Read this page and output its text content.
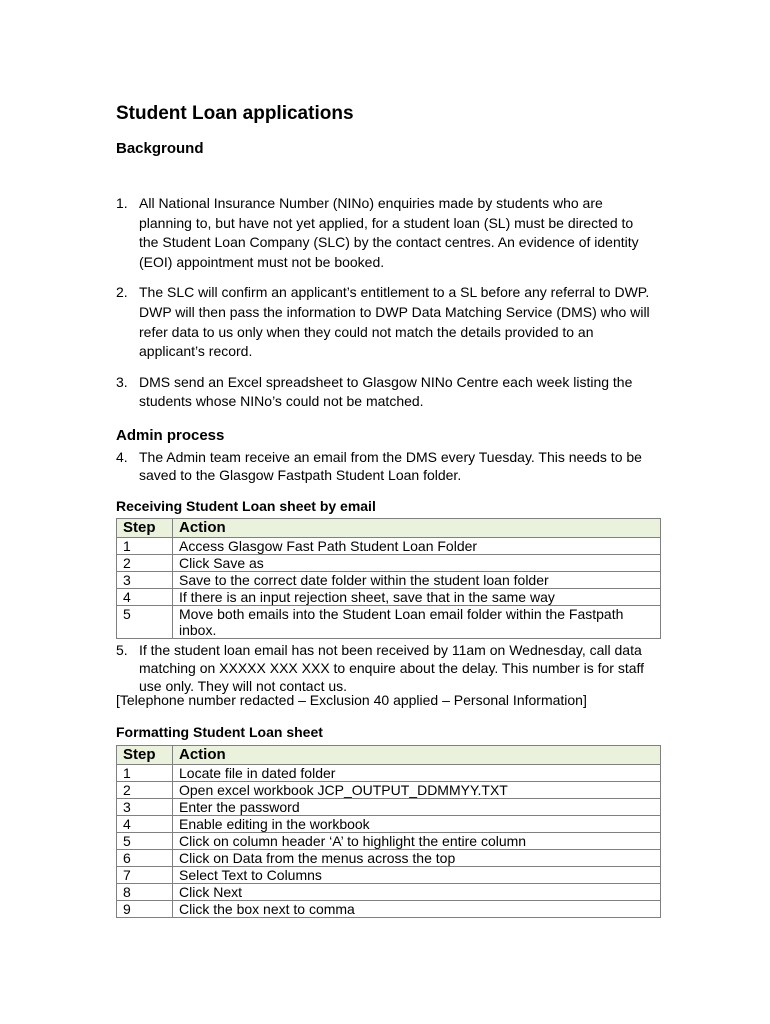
Student Loan applications
Background
1. All National Insurance Number (NINo) enquiries made by students who are planning to, but have not yet applied, for a student loan (SL) must be directed to the Student Loan Company (SLC) by the contact centres. An evidence of identity (EOI) appointment must not be booked.
2. The SLC will confirm an applicant’s entitlement to a SL before any referral to DWP. DWP will then pass the information to DWP Data Matching Service (DMS) who will refer data to us only when they could not match the details provided to an applicant’s record.
3. DMS send an Excel spreadsheet to Glasgow NINo Centre each week listing the students whose NINo’s could not be matched.
Admin process
4. The Admin team receive an email from the DMS every Tuesday. This needs to be saved to the Glasgow Fastpath Student Loan folder.
Receiving Student Loan sheet by email
Step	Action
1	Access Glasgow Fast Path Student Loan Folder
2	Click Save as
3	Save to the correct date folder within the student loan folder
4	If there is an input rejection sheet, save that in the same way
5	Move both emails into the Student Loan email folder within the Fastpath inbox.
5. If the student loan email has not been received by 11am on Wednesday, call data matching on XXXXX XXX XXX to enquire about the delay. This number is for staff use only. They will not contact us.
[Telephone number redacted – Exclusion 40 applied – Personal Information]
Formatting Student Loan sheet
Step	Action
1	Locate file in dated folder
2	Open excel workbook JCP_OUTPUT_DDMMYY.TXT
3	Enter the password
4	Enable editing in the workbook
5	Click on column header ‘A’ to highlight the entire column
6	Click on Data from the menus across the top
7	Select Text to Columns
8	Click Next
9	Click the box next to comma
